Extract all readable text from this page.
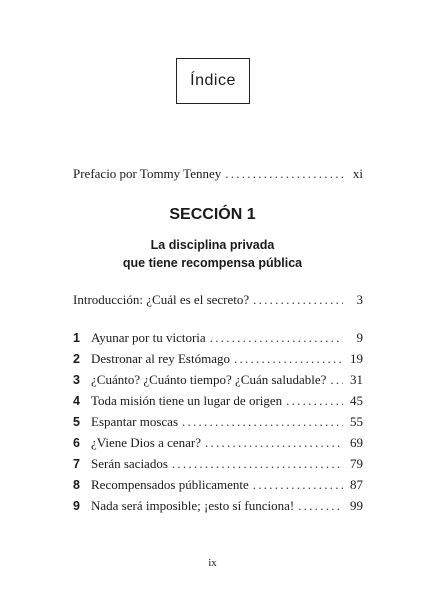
Índice
Prefacio por Tommy Tenney . . .	xi
SECCIÓN 1
La disciplina privada
que tiene recompensa pública
Introducción: ¿Cuál es el secreto? . . .	3
1 Ayunar por tu victoria . . .	9
2 Destronar al rey Estómago . . .	19
3 ¿Cuánto? ¿Cuánto tiempo? ¿Cuán saludable? . . . 31
4 Toda misión tiene un lugar de origen . . .	45
5 Espantar moscas . . .	55
6 ¿Viene Dios a cenar? . . .	69
7 Serán saciados . . .	79
8 Recompensados públicamente . . .	87
9 Nada será imposible; ¡esto sí funciona! . . .	99
ix
